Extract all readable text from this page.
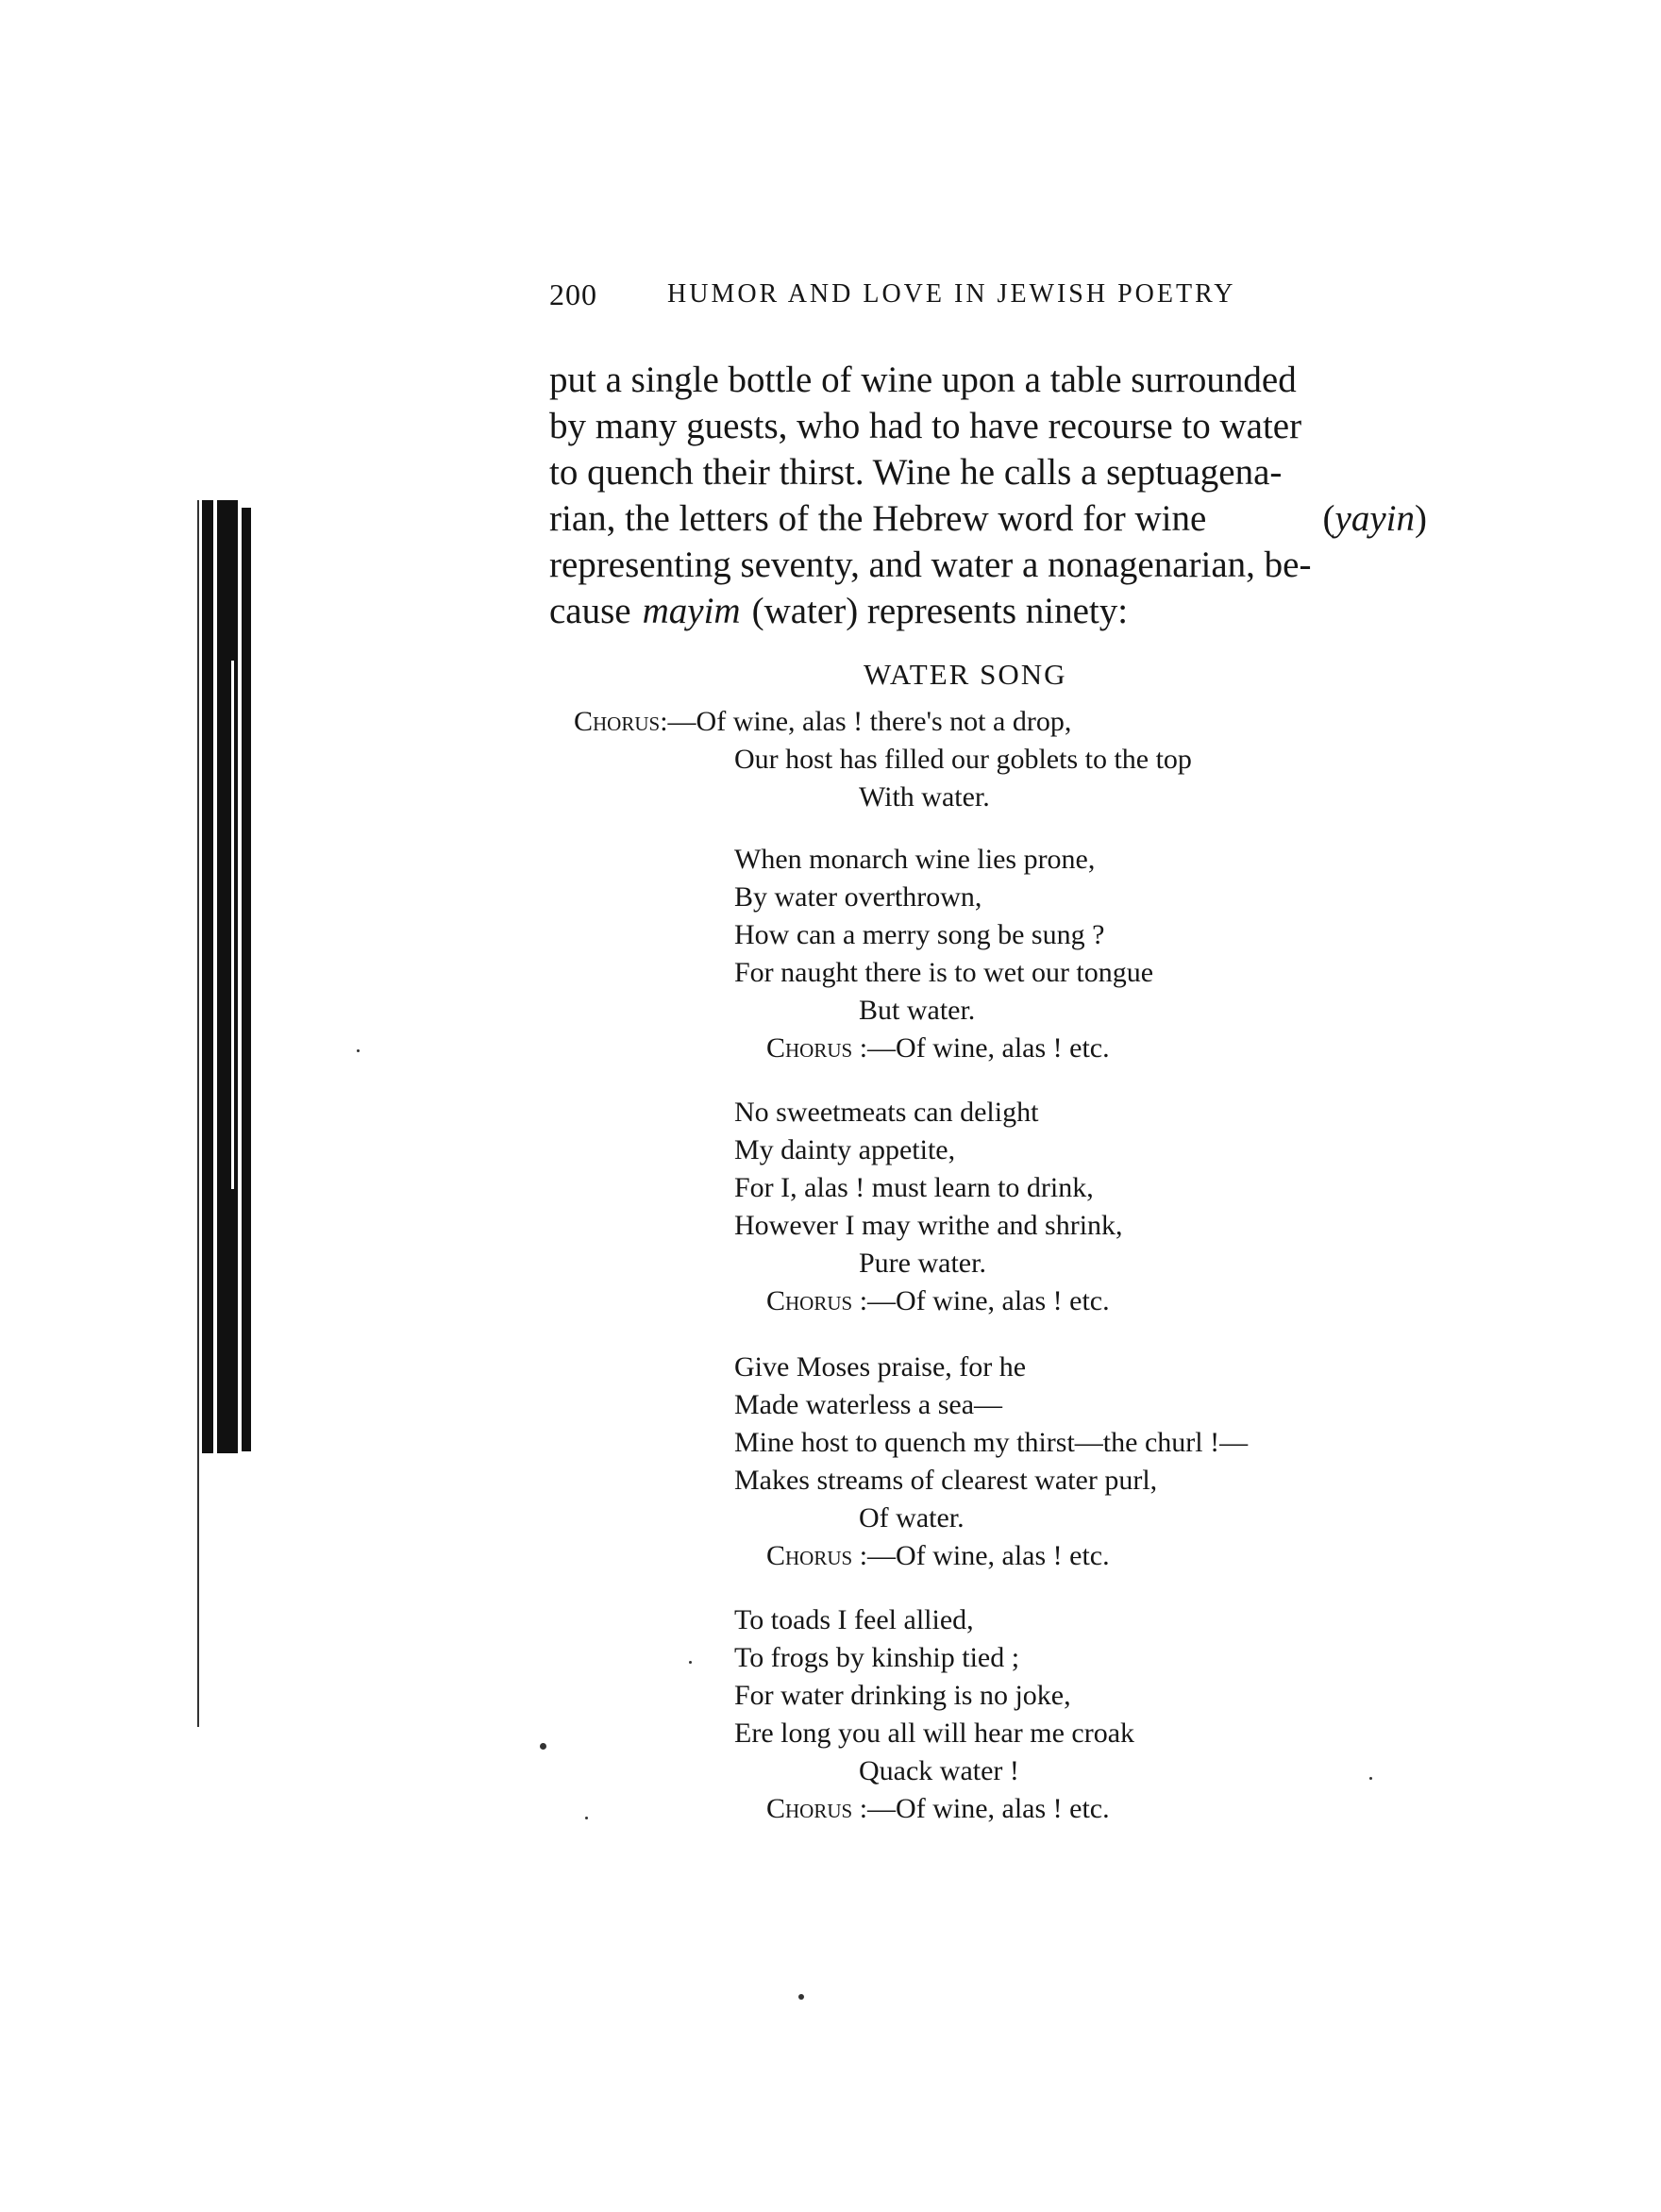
200	HUMOR AND LOVE IN JEWISH POETRY
put a single bottle of wine upon a table surrounded
by many guests, who had to have recourse to water
to quench their thirst. Wine he calls a septuagena-
rian, the letters of the Hebrew word for wine	(yayin)
representing seventy, and water a nonagenarian, be-
cause mayim (water) represents ninety:
WATER SONG
Chorus:—Of wine, alas ! there's not a drop,
Our host has filled our goblets to the top
With water.
When monarch wine lies prone,
By water overthrown,
How can a merry song be sung ?
For naught there is to wet our tongue
But water.
Chorus :—Of wine, alas ! etc.
No sweetmeats can delight
My dainty appetite,
For I, alas ! must learn to drink,
However I may writhe and shrink,
Pure water.
Chorus :—Of wine, alas ! etc.
Give Moses praise, for he
Made waterless a sea—
Mine host to quench my thirst—the churl !—
Makes streams of clearest water purl,
Of water.
Chorus :—Of wine, alas ! etc.
To toads I feel allied,
To frogs by kinship tied ;
For water drinking is no joke,
Ere long you all will hear me croak
Quack water !
Chorus :—Of wine, alas ! etc.
